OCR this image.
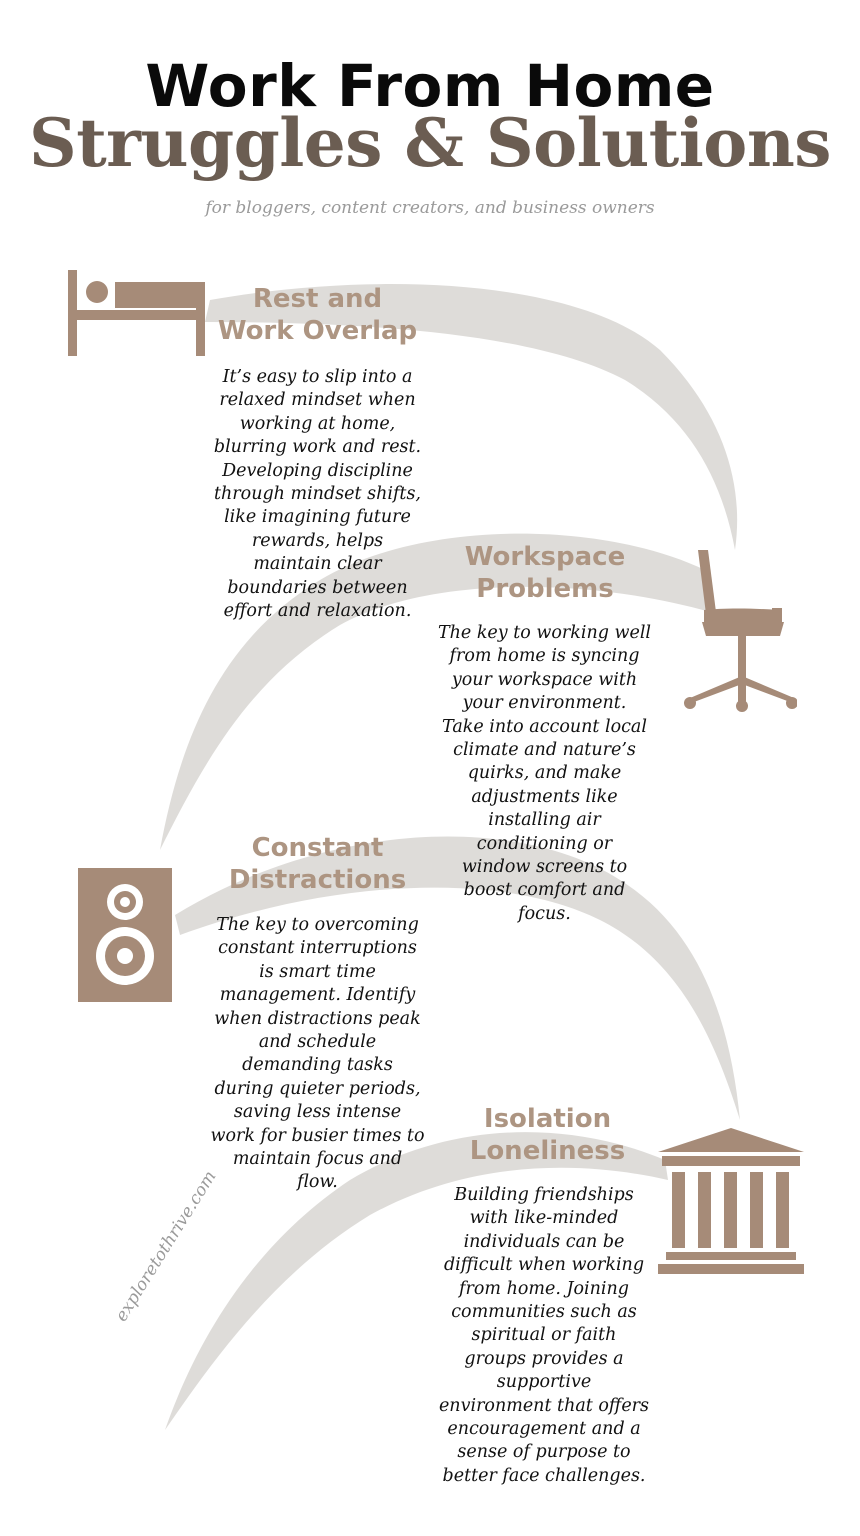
Work From Home
Struggles & Solutions
for bloggers, content creators, and business owners
Rest and
Work Overlap
It’s easy to slip into a
relaxed mindset when
working at home,
blurring work and rest.
Developing discipline
through mindset shifts,
like imagining future
rewards, helps
maintain clear
boundaries between
effort and relaxation.
Workspace
Problems
The key to working well
from home is syncing
your workspace with
your environment.
Take into account local
climate and nature’s
quirks, and make
adjustments like
installing air
conditioning or
window screens to
boost comfort and
focus.
Constant
Distractions
The key to overcoming
constant interruptions
is smart time
management. Identify
when distractions peak
and schedule
demanding tasks
during quieter periods,
saving less intense
work for busier times to
maintain focus and
flow.
Isolation
Loneliness
Building friendships
with like-minded
individuals can be
difficult when working
from home. Joining
communities such as
spiritual or faith
groups provides a
supportive
environment that offers
encouragement and a
sense of purpose to
better face challenges.
exploretothrive.com
